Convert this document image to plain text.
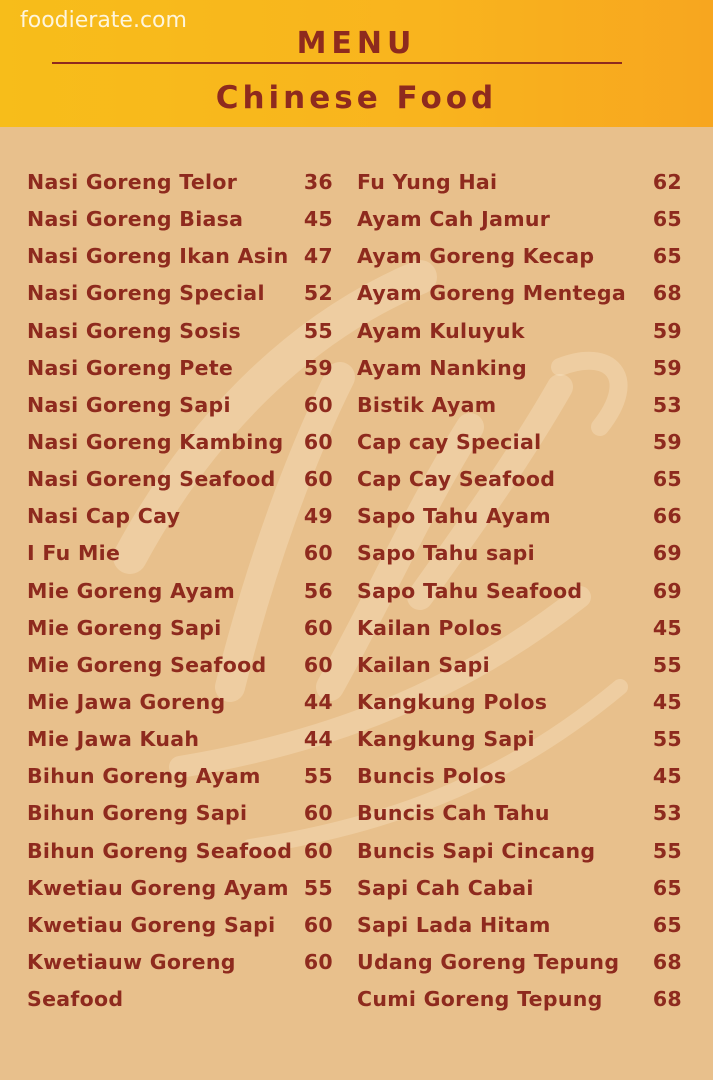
foodierate.com
MENU
Chinese Food
Nasi Goreng Telor	36
Nasi Goreng Biasa	45
Nasi Goreng Ikan Asin 47
Nasi Goreng Special 52
Nasi Goreng Sosis	55
Nasi Goreng Pete	59
Nasi Goreng Sapi	60
Nasi Goreng Kambing 60
Nasi Goreng Seafood 60
Nasi Cap Cay	49
I Fu Mie	60
Mie Goreng Ayam	56
Mie Goreng Sapi	60
Mie Goreng Seafood 60
Mie Jawa Goreng	44
Mie Jawa Kuah	44
Bihun Goreng Ayam 55
Bihun Goreng Sapi	60
Bihun Goreng Seafood 60
Kwetiau Goreng Ayam 55
Kwetiau Goreng Sapi 60
Kwetiauw Goreng	60
Seafood
Fu Yung Hai	62
Ayam Cah Jamur	65
Ayam Goreng Kecap	65
Ayam Goreng Mentega 68
Ayam Kuluyuk	59
Ayam Nanking	59
Bistik Ayam	53
Cap cay Special	59
Cap Cay Seafood	65
Sapo Tahu Ayam	66
Sapo Tahu sapi	69
Sapo Tahu Seafood	69
Kailan Polos	45
Kailan Sapi	55
Kangkung Polos	45
Kangkung Sapi	55
Buncis Polos	45
Buncis Cah Tahu	53
Buncis Sapi Cincang	55
Sapi Cah Cabai	65
Sapi Lada Hitam	65
Udang Goreng Tepung 68
Cumi Goreng Tepung 68
